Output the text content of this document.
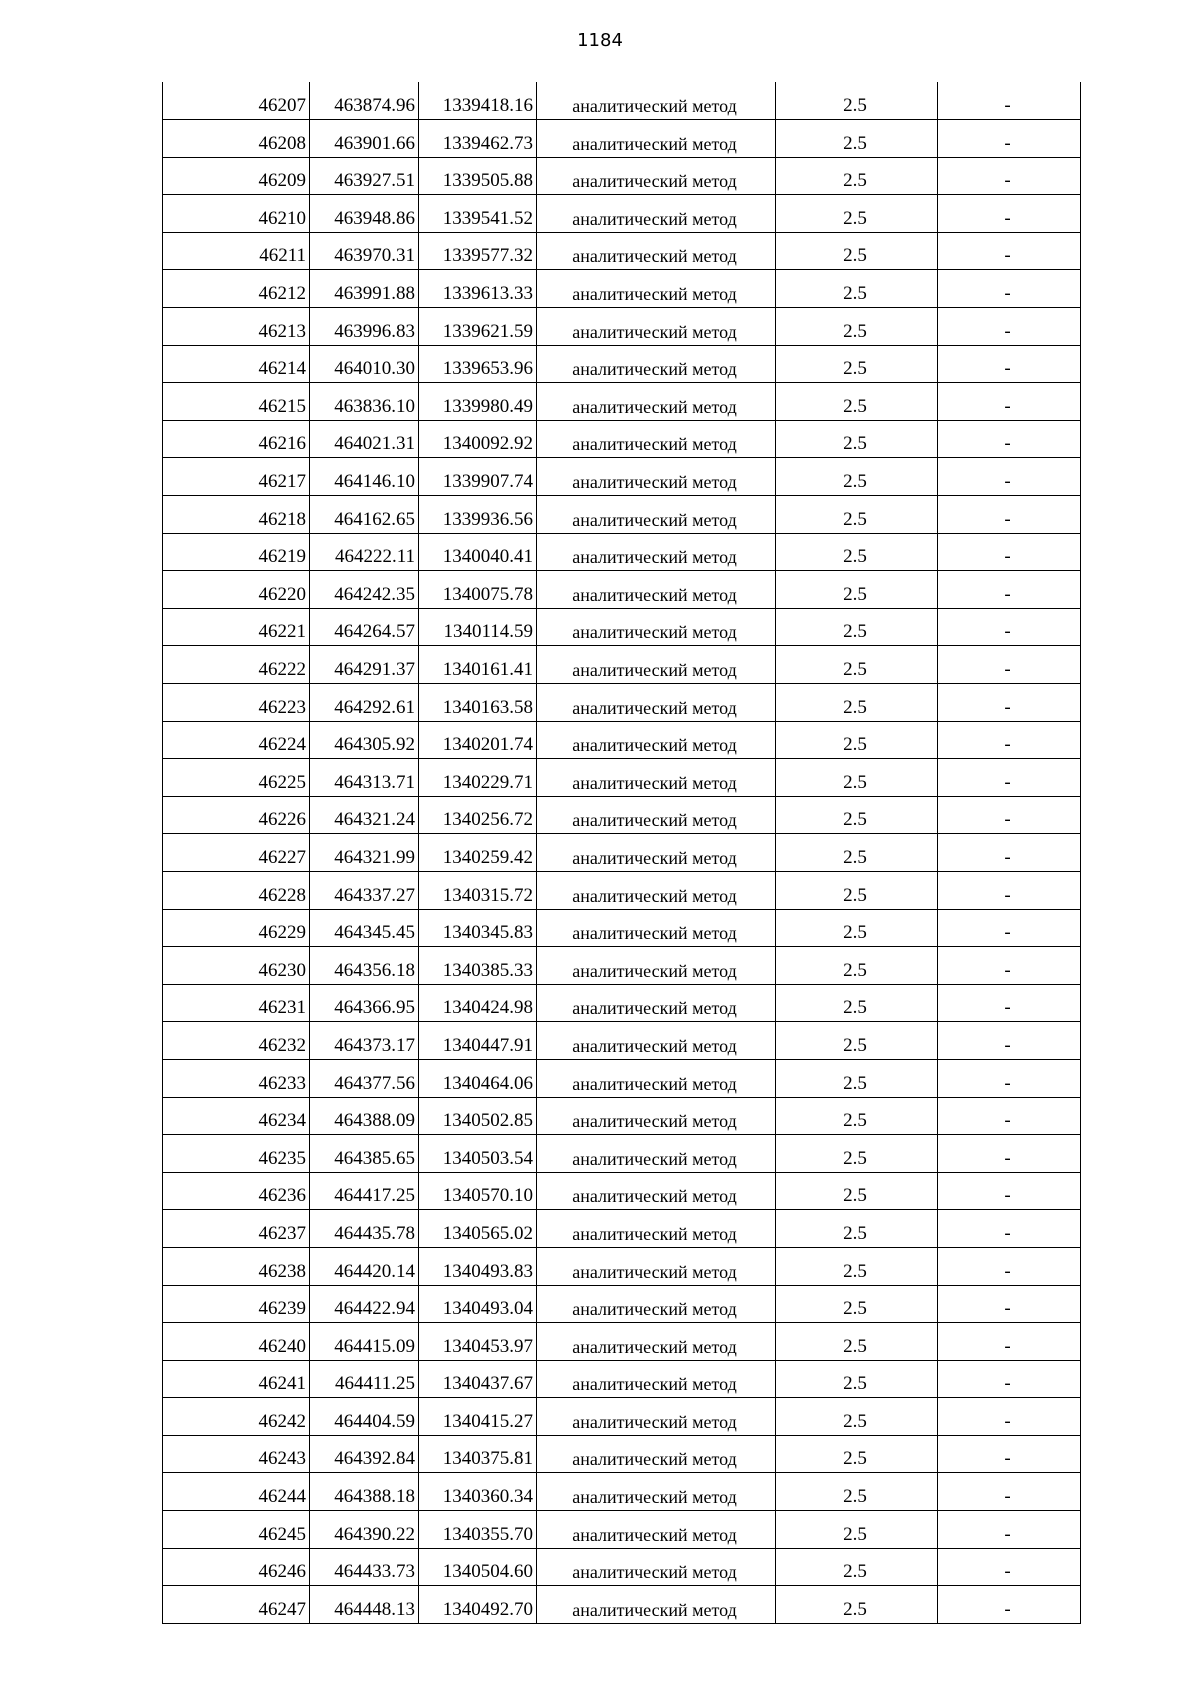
1184
46207	463874.96	1339418.16	аналитический метод	2.5	-
46208	463901.66	1339462.73	аналитический метод	2.5	-
46209	463927.51	1339505.88	аналитический метод	2.5	-
46210	463948.86	1339541.52	аналитический метод	2.5	-
46211	463970.31	1339577.32	аналитический метод	2.5	-
46212	463991.88	1339613.33	аналитический метод	2.5	-
46213	463996.83	1339621.59	аналитический метод	2.5	-
46214	464010.30	1339653.96	аналитический метод	2.5	-
46215	463836.10	1339980.49	аналитический метод	2.5	-
46216	464021.31	1340092.92	аналитический метод	2.5	-
46217	464146.10	1339907.74	аналитический метод	2.5	-
46218	464162.65	1339936.56	аналитический метод	2.5	-
46219	464222.11	1340040.41	аналитический метод	2.5	-
46220	464242.35	1340075.78	аналитический метод	2.5	-
46221	464264.57	1340114.59	аналитический метод	2.5	-
46222	464291.37	1340161.41	аналитический метод	2.5	-
46223	464292.61	1340163.58	аналитический метод	2.5	-
46224	464305.92	1340201.74	аналитический метод	2.5	-
46225	464313.71	1340229.71	аналитический метод	2.5	-
46226	464321.24	1340256.72	аналитический метод	2.5	-
46227	464321.99	1340259.42	аналитический метод	2.5	-
46228	464337.27	1340315.72	аналитический метод	2.5	-
46229	464345.45	1340345.83	аналитический метод	2.5	-
46230	464356.18	1340385.33	аналитический метод	2.5	-
46231	464366.95	1340424.98	аналитический метод	2.5	-
46232	464373.17	1340447.91	аналитический метод	2.5	-
46233	464377.56	1340464.06	аналитический метод	2.5	-
46234	464388.09	1340502.85	аналитический метод	2.5	-
46235	464385.65	1340503.54	аналитический метод	2.5	-
46236	464417.25	1340570.10	аналитический метод	2.5	-
46237	464435.78	1340565.02	аналитический метод	2.5	-
46238	464420.14	1340493.83	аналитический метод	2.5	-
46239	464422.94	1340493.04	аналитический метод	2.5	-
46240	464415.09	1340453.97	аналитический метод	2.5	-
46241	464411.25	1340437.67	аналитический метод	2.5	-
46242	464404.59	1340415.27	аналитический метод	2.5	-
46243	464392.84	1340375.81	аналитический метод	2.5	-
46244	464388.18	1340360.34	аналитический метод	2.5	-
46245	464390.22	1340355.70	аналитический метод	2.5	-
46246	464433.73	1340504.60	аналитический метод	2.5	-
46247	464448.13	1340492.70	аналитический метод	2.5	-
